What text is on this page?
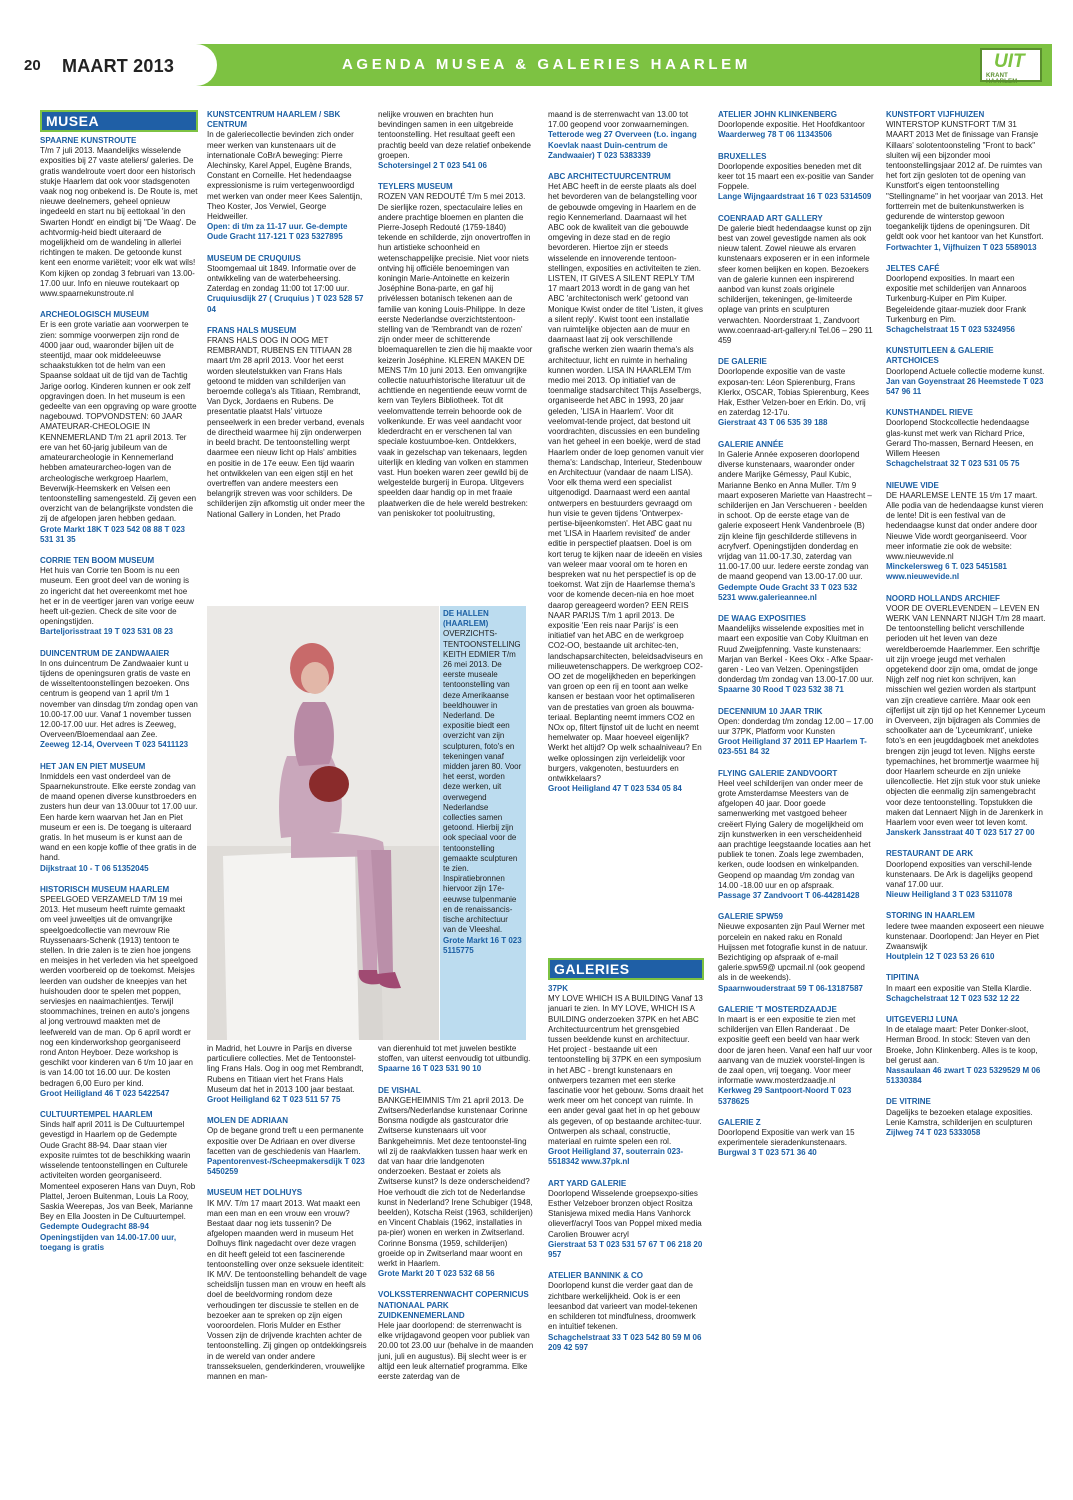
20 MAART 2013	AGENDA MUSEA & GALERIES HAARLEM	UIT
KRANT HAARLEM
MUSEA

SPAARNE KUNSTROUTE

T/m 7 juli 2013. Maandelijks wisselende exposities bij 27 vaste ateliers/ galeries. De gratis wandelroute voert door een historisch stukje Haarlem dat ook voor stadsgenoten vaak nog nog onbekend is. De Route is, met nieuwe deelnemers, geheel opnieuw ingedeeld en start nu bij eettokaal 'in den Swarten Hondt' en eindigt bij ''De Waag'. De achtvormig-heid biedt uiteraard de mogelijkheid om de wandeling in allerlei richtingen te maken. De getoonde kunst kent een enorme variëteit; voor elk wat wils! Kom kijken op zondag 3 februari van 13.00-17.00 uur. Info en nieuwe routekaart op www.spaarnekunstroute.nl

ARCHEOLOGISCH MUSEUM

Er is een grote variatie aan voorwerpen te zien: sommige voorwerpen zijn rond de 4000 jaar oud, waaronder bijlen uit de steentijd, maar ook middeleeuwse schaakstukken tot de helm van een Spaanse soldaat uit de tijd van de Tachtig Jarige oorlog. Kinderen kunnen er ook zelf opgravingen doen. In het museum is een gedeelte van een opgraving op ware grootte nagebouwd. TOPVONDSTEN: 60 JAAR AMATEURAR-CHEOLOGIE IN KENNEMERLAND T/m 21 april 2013. Ter ere van het 60-jarig jubileum van de amateurarcheologie in Kennemerland hebben amateurarcheo-logen van de archeologische werkgroep Haarlem, Beverwijk-Heemskerk en Velsen een tentoonstelling samengesteld. Zij geven een overzicht van de belangrijkste vondsten die zij de afgelopen jaren hebben gedaan.

Grote Markt 18K T 023 542 08 88 T 023 531 31 35

CORRIE TEN BOOM MUSEUM

Het huis van Corrie ten Boom is nu een museum. Een groot deel van de woning is zo ingericht dat het overeenkomt met hoe het er in de veertiger jaren van vorige eeuw heeft uit-gezien. Check de site voor de openingstijden.

Barteljorisstraat 19 T 023 531 08 23

DUINCENTRUM DE ZANDWAAIER

In ons duincentrum De Zandwaaier kunt u tijdens de openingsuren gratis de vaste en de wisseltentoonstellingen bezoeken. Ons centrum is geopend van 1 april t/m 1 november van dinsdag t/m zondag open van 10.00-17.00 uur. Vanaf 1 november tussen 12.00-17.00 uur. Het adres is Zeeweg, Overveen/Bloemendaal aan Zee.

Zeeweg 12-14, Overveen T 023 5411123

HET JAN EN PIET MUSEUM

Inmiddels een vast onderdeel van de Spaarnekunstroute. Elke eerste zondag van de maand openen diverse kunstbroeders en zusters hun deur van 13.00uur tot 17.00 uur. Een harde kern waarvan het Jan en Piet museum er een is. De toegang is uiteraard gratis. In het museum is er kunst aan de wand en een kopje koffie of thee gratis in de hand.

Dijkstraat 10 - T 06 51352045

HISTORISCH MUSEUM HAARLEM

SPEELGOED VERZAMELD T/M 19 mei 2013. Het museum heeft ruimte gemaakt om veel juweeltjes uit de omvangrijke speelgoedcollectie van mevrouw Rie Ruyssenaars-Schenk (1913) tentoon te stellen. In drie zalen is te zien hoe jongens en meisjes in het verleden via het speelgoed werden voorbereid op de toekomst. Meisjes leerden van oudsher de kneepjes van het huishouden door te spelen met poppen, serviesjes en naaimachientjes. Terwijl stoommachines, treinen en auto's jongens al jong vertrouwd maakten met de leefwereld van de man. Op 6 april wordt er nog een kinderworkshop georganiseerd rond Anton Heyboer. Deze workshop is geschikt voor kinderen van 6 t/m 10 jaar en is van 14.00 tot 16.00 uur. De kosten bedragen 6,00 Euro per kind.

Groot Heiligland 46 T 023 5422547

CULTUURTEMPEL HAARLEM

Sinds half april 2011 is De Cultuurtempel gevestigd in Haarlem op de Gedempte Oude Gracht 88-94. Daar staan vier exposite ruimtes tot de beschikking waarin wisselende tentoonstellingen en Culturele activiteiten worden georganiseerd. Momenteel exposeren Hans van Duyn, Rob Plattel, Jeroen Buitenman, Louis La Rooy, Saskia Weerepas, Jos van Beek, Marianne Bey en Ella Joosten in De Cultuurtempel.

Gedempte Oudegracht 88-94 Openingstijden van 14.00-17.00 uur, toegang is gratis

KUNSTCENTRUM HAARLEM / SBK CENTRUM

In de galeriecollectie bevinden zich onder meer werken van kunstenaars uit de internationale CoBrA beweging: Pierre Alechinsky, Karel Appel, Eugène Brands, Constant en Corneille. Het hedendaagse expressionisme is ruim vertegenwoordigd met werken van onder meer Kees Salentijn, Theo Koster, Jos Verwiel, George Heidweiller.

Open: di t/m za 11-17 uur. Ge-dempte Oude Gracht 117-121 T 023 5327895

MUSEUM DE CRUQUIUS

Stoomgemaal uit 1849. Informatie over de ontwikkeling van de waterbeheersing. Zaterdag en zondag 11:00 tot 17:00 uur.

Cruquiusdijk 27 ( Cruquius ) T 023 528 57 04

FRANS HALS MUSEUM

FRANS HALS OOG IN OOG MET REMBRANDT, RUBENS EN TITIAAN 28 maart t/m 28 april 2013. Voor het eerst worden sleutelstukken van Frans Hals getoond te midden van schilderijen van beroemde collega's als Titiaan, Rembrandt, Van Dyck, Jordaens en Rubens. De presentatie plaatst Hals' virtuoze penseelwerk in een breder verband, evenals de directheid waarmee hij zijn onderwerpen in beeld bracht. De tentoonstelling werpt daarmee een nieuw licht op Hals' ambities en positie in de 17e eeuw. Een tijd waarin het ontwikkelen van een eigen stijl en het overtreffen van andere meesters een belangrijk streven was voor schilders. De schilderijen zijn afkomstig uit onder meer the National Gallery in Londen, het Prado

nelijke vrouwen en brachten hun bevindingen samen in een uitgebreide tentoonstelling. Het resultaat geeft een prachtig beeld van deze relatief onbekende groepen.

Schotersingel 2 T 023 541 06

TEYLERS MUSEUM

ROZEN VAN REDOUTÉ T/m 5 mei 2013. De sierlijke rozen, spectaculaire lelies en andere prachtige bloemen en planten die Pierre-Joseph Redouté (1759-1840) tekende en schilderde, zijn onovertroffen in hun artistieke schoonheid en wetenschappelijke precisie. Niet voor niets ontving hij officiële benoemingen van koningin Marie-Antoinette en keizerin Joséphine Bona-parte, en gaf hij privélessen botanisch tekenen aan de familie van koning Louis-Philippe. In deze eerste Nederlandse overzichtstentoon-stelling van de 'Rembrandt van de rozen' zijn onder meer de schitterende bloemaquarellen te zien die hij maakte voor keizerin Joséphine. KLEREN MAKEN DE MENS T/m 10 juni 2013. Een omvangrijke collectie natuurhistorische literatuur uit de achttiende en negentiende eeuw vormt de kern van Teylers Bibliotheek. Tot dit veelomvattende terrein behoorde ook de volkenkunde. Er was veel aandacht voor klederdracht en er verschenen tal van speciale kostuumboe-ken. Ontdekkers, vaak in gezelschap van tekenaars, legden uiterlijk en kleding van volken en stammen vast. Hun boeken waren zeer gewild bij de welgestelde burgerij in Europa. Uitgevers speelden daar handig op in met fraaie plaatwerken die de hele wereld bestreken: van peniskoker tot pooluitrusting,

maand is de sterrenwacht van 13.00 tot 17.00 geopend voor zonwaarnemingen.

Tetterode weg 27 Overveen (t.o. ingang Koevlak naast Duin-centrum de Zandwaaier) T 023 5383339

ABC ARCHITECTUURCENTRUM

Het ABC heeft in de eerste plaats als doel het bevorderen van de belangstelling voor de gebouwde omgeving in Haarlem en de regio Kennemerland. Daarnaast wil het ABC ook de kwaliteit van die gebouwde omgeving in deze stad en de regio bevorderen. Hiertoe zijn er steeds wisselende en innoverende tentoon-stellingen, exposities en activiteiten te zien. LISTEN, IT GIVES A SILENT REPLY T/M 17 maart 2013 wordt in de gang van het ABC 'architectonisch werk' getoond van Monique Kwist onder de titel 'Listen, it gives a silent reply'. Kwist toont een installatie van ruimtelijke objecten aan de muur en daarnaast laat zij ook verschillende grafische werken zien waarin thema's als architectuur, licht en ruimte in herhaling kunnen worden. LISA IN HAARLEM T/m medio mei 2013. Op initiatief van de toenmalige stadsarchitect Thijs Asselbergs, organiseerde het ABC in 1993, 20 jaar geleden, 'LISA in Haarlem'. Voor dit veelomvat-tende project, dat bestond uit voordrachten, discussies en een bundeling van het geheel in een boekje, werd de stad Haarlem onder de loep genomen vanuit vier thema's: Landschap, Interieur, Stedenbouw en Architectuur (vandaar de naam LISA). Voor elk thema werd een specialist uitgenodigd. Daarnaast werd een aantal ontwerpers en bestuurders gevraagd om hun visie te geven tijdens 'Ontwerpex-pertise-bijeenkomsten'. Het ABC gaat nu met 'LISA in Haarlem revisited' de ander editie in perspectief plaatsen. Doel is om kort terug te kijken naar de ideeën en visies van weleer maar vooral om te horen en bespreken wat nu het perspectief is op de toekomst. Wat zijn de Haarlemse thema's voor de komende decen-nia en hoe moet daarop gereageerd worden? EEN REIS NAAR PARIJS T/m 1 april 2013. De expositie 'Een reis naar Parijs' is een initiatief van het ABC en de werkgroep CO2-OO, bestaande uit architec-ten, landschapsarchitecten, beleidsadviseurs en milieuwetenschappers. De werkgroep CO2-OO zet de mogelijkheden en beperkingen van groen op een rij en toont aan welke kansen er bestaan voor het optimaliseren van de prestaties van groen als bouwma-teriaal. Beplanting neemt immers CO2 en NOx op, filtert fijnstof uit de lucht en neemt hemelwater op. Maar hoeveel eigenlijk? Werkt het altijd? Op welk schaalniveau? En welke oplossingen zijn verleidelijk voor burgers, vakgenoten, bestuurders en ontwikkelaars?

Groot Heiligland 47 T 023 534 05 84

GALERIES

37PK

MY LOVE WHICH IS A BUILDING Vanaf 13 januari te zien. In MY LOVE, WHICH IS A BUILDING onderzoeken 37PK en het ABC Architectuurcentrum het grensgebied tussen beeldende kunst en architectuur. Het project - bestaande uit een tentoonstelling bij 37PK en een symposium in het ABC - brengt kunstenaars en ontwerpers tezamen met een sterke fascinatie voor het gebouw. Soms draait het werk meer om het concept van ruimte. In een ander geval gaat het in op het gebouw als gegeven, of op bestaande architec-tuur. Ontwerpen als schaal, constructie, materiaal en ruimte spelen een rol.

Groot Heiligland 37, souterrain 023-5518342 www.37pk.nl

ART YARD GALERIE

Doorlopend Wisselende groepsexpo-sities Esther Velzeboer bronzen object Rositza Stanisjewa mixed media Hans Vanhorck olieverf/acryl Toos van Poppel mixed media Carolien Brouwer acryl

Gierstraat 53 T 023 531 57 67 T 06 218 20 957

ATELIER BANNINK & CO

Doorlopend kunst die verder gaat dan de zichtbare werkelijkheid. Ook is er een leesanbod dat varieert van model-tekenen en schilderen tot mindfulness, droomwerk en intuïtief tekenen.

Schagchelstraat 33 T 023 542 80 59 M 06 209 42 597

ATELIER JOHN KLINKENBERG

Doorlopende expositie. Het Hoofdkantoor

Waarderweg 78 T 06 11343506

BRUXELLES

Doorlopende exposities beneden met dit keer tot 15 maart een ex-positie van Sander Foppele.

Lange Wijngaardstraat 16 T 023 5314509

COENRAAD ART GALLERY

De galerie biedt hedendaagse kunst op zijn best van zowel gevestigde namen als ook nieuw talent. Zowel nieuwe als ervaren kunstenaars exposeren er in een informele sfeer komen belijken en kopen. Bezoekers van de galerie kunnen een inspirerend aanbod van kunst zoals originele schilderijen, tekeningen, ge-limiteerde oplage van prints en sculpturen verwachten. Noorderstraat 1, Zandvoort www.coenraad-art-gallery.nl Tel.06 – 290 11 459

DE GALERIE

Doorlopende expositie van de vaste exposan-ten: Léon Spierenburg, Frans Klerkx, OSCAR, Tobias Spierenburg, Kees Hak, Esther Velzen-boer en Erkin. Do, vrij en zaterdag 12-17u.

Gierstraat 43 T 06 535 39 188

GALERIE ANNÉE

In Galerie Année exposeren doorlopend diverse kunstenaars, waaronder onder andere Marijke Gémessy, Paul Kubic, Marianne Benko en Anna Muller. T/m 9 maart exposeren Mariette van Haastrecht – schilderijen en Jan Verschueren - beelden in schoot. Op de eerste etage van de galerie exposeert Henk Vandenbroele (B) zijn kleine fijn geschilderde stillevens in acryfverf. Openingstijden donderdag en vrijdag van 11.00-17.30, zaterdag van 11.00-17.00 uur. Iedere eerste zondag van de maand geopend van 13.00-17.00 uur.

Gedempte Oude Gracht 33 T 023 532 5231 www.galerieannee.nl

DE WAAG EXPOSITIES

Maandelijks wisselende exposities met in maart een expositie van Coby Kluitman en Ruud Zweijpfenning. Vaste kunstenaars: Marjan van Berkel - Kees Okx - Afke Spaar-garen - Leo van Velzen. Openingstijden donderdag t/m zondag van 13.00-17.00 uur.

Spaarne 30 Rood T 023 532 38 71

DECENNIUM 10 JAAR TRIK

Open: donderdag t/m zondag 12.00 – 17.00 uur 37PK, Platform voor Kunsten

Groot Heiligland 37 2011 EP Haarlem T-023-551 84 32

FLYING GALERIE ZANDVOORT

Heel veel schilderijen van onder meer de grote Amsterdamse Meesters van de afgelopen 40 jaar. Door goede samenwerking met vastgoed beheer creëert Flying Galery de mogelijkheid om zijn kunstwerken in een verscheidenheid aan prachtige leegstaande locaties aan het publiek te tonen. Zoals lege zwembaden, kerken, oude loodsen en winkelpanden. Geopend op maandag t/m zondag van 14.00 -18.00 uur en op afspraak.

Passage 37 Zandvoort T 06-44281428

GALERIE SPW59

Nieuwe exposanten zijn Paul Werner met porcelein en naked raku en Ronald Huijssen met fotografie kunst in de natuur. Bezichtiging op afspraak of e-mail galerie.spw59@ upcmail.nl (ook geopend als in de weekends).

Spaarnwouderstraat 59 T 06-13187587

GALERIE 'T MOSTERDZAADJE

In maart is er een expositie te zien met schilderijen van Ellen Randeraat . De expositie geeft een beeld van haar werk door de jaren heen. Vanaf een half uur voor aanvang van de muziek voorstel-lingen is de zaal open, vrij toegang. Voor meer informatie www.mosterdzaadje.nl

Kerkweg 29 Santpoort-Noord T 023 5378625

GALERIE Z

Doorlopend Expositie van werk van 15 experimentele sieradenkunstenaars.

Burgwal 3 T 023 571 36 40

KUNSTFORT VIJFHUIZEN

WINTERSTOP KUNSTFORT T/M 31 MAART 2013 Met de finissage van Fransje Killaars' solotentoonsteling "Front to back" sluiten wij een bijzonder mooi tentoonstellingsjaar 2012 af. De ruimtes van het fort zijn gesloten tot de opening van Kunstfort's eigen tentoonstelling "Stellingname" in het voorjaar van 2013. Het fortterrein met de buitenkunstwerken is gedurende de winterstop gewoon toegankelijk tijdens de openingsuren. Dit geldt ook voor het kantoor van het Kunstfort.

Fortwachter 1, Vijfhuizen T 023 5589013

JELTES CAFÉ

Doorlopend exposities. In maart een expositie met schilderijen van Annaroos Turkenburg-Kuiper en Pim Kuiper. Begeleidende gitaar-muziek door Frank Turkenburg en Pim.

Schagchelstraat 15 T 023 5324956

KUNSTUITLEEN & GALERIE ARTCHOICES

Doorlopend Actuele collectie moderne kunst.

Jan van Goyenstraat 26 Heemstede T 023 547 96 11

KUNSTHANDEL RIEVE

Doorlopend Stockcollectie hedendaagse glas-kunst met werk van Richard Price, Gerard Tho-massen, Bernard Heesen, en Willem Heesen

Schagchelstraat 32 T 023 531 05 75

NIEUWE VIDE

DE HAARLEMSE LENTE 15 t/m 17 maart. Alle podia van de hedendaagse kunst vieren de lente! Dit is een festival van de hedendaagse kunst dat onder andere door Nieuwe Vide wordt georganiseerd. Voor meer informatie zie ook de website: www.nieuwevide.nl

Minckelersweg 6 T. 023 5451581 www.nieuwevide.nl

NOORD HOLLANDS ARCHIEF

VOOR DE OVERLEVENDEN – LEVEN EN WERK VAN LENNART NIJGH T/m 28 maart. De tentoonstelling belicht verschillende perioden uit het leven van deze wereldberoemde Haarlemmer. Een schriftje uit zijn vroege jeugd met verhalen opgetekend door zijn oma, omdat de jonge Nijgh zelf nog niet kon schrijven, kan misschien wel gezien worden als startpunt van zijn creatieve carrière. Maar ook een cijferlijst uit zijn tijd op het Kennemer Lyceum in Overveen, zijn bijdragen als Commies de schoolkater aan de 'Lyceumkrant', unieke foto's en een jeugddagboek met anekdotes brengen zijn jeugd tot leven. Nijghs eerste typemachines, het brommertje waarmee hij door Haarlem scheurde en zijn unieke uilencollectie. Het zijn stuk voor stuk unieke objecten die eenmalig zijn samengebracht voor deze tentoonstelling. Topstukken die maken dat Lennaert Nijgh in de Jarenkerk in Haarlem voor even weer tot leven komt.

Janskerk Jansstraat 40 T 023 517 27 00

RESTAURANT DE ARK

Doorlopend exposities van verschil-lende kunstenaars. De Ark is dagelijks geopend vanaf 17.00 uur.

Nieuw Heiligland 3 T 023 5311078

STORING IN HAARLEM

Iedere twee maanden exposeert een nieuwe kunstenaar. Doorlopend: Jan Heyer en Piet Zwaanswijk

Houtplein 12 T 023 53 26 610

TIPITINA

In maart een expositie van Stella Klardie.

Schagchelstraat 12 T 023 532 12 22

UITGEVERIJ LUNA

In de etalage maart: Peter Donker-sloot, Herman Brood. In stock: Steven van den Broeke, John Klinkenberg. Alles is te koop, bel gerust aan.

Nassaulaan 46 zwart T 023 5329529 M 06 51330384

DE VITRINE

Dagelijks te bezoeken etalage exposities. Lenie Kamstra, schilderijen en sculpturen

Zijlweg 74 T 023 5333058

DE HALLEN (HAARLEM)

OVERZICHTS-TENTOONSTELLING KEITH EDMIER T/m 26 mei 2013. De eerste museale tentoonstelling van deze Amerikaanse beeldhouwer in Nederland. De expositie biedt een overzicht van zijn sculpturen, foto's en tekeningen vanaf midden jaren 80. Voor het eerst, worden deze werken, uit overwegend Nederlandse collecties samen getoond. Hierbij zijn ook speciaal voor de tentoonstelling gemaakte sculpturen te zien. Inspiratiebronnen hiervoor zijn 17e-eeuwse tulpenmanie en de renaissancis-tische architectuur van de Vleeshal.

Grote Markt 16 T 023 5115775

in Madrid, het Louvre in Parijs en diverse particuliere collecties. Met de Tentoonstel-ling Frans Hals. Oog in oog met Rembrandt, Rubens en Titiaan viert het Frans Hals Museum dat het in 2013 100 jaar bestaat.

Groot Heiligland 62 T 023 511 57 75

MOLEN DE ADRIAAN

Op de begane grond treft u een permanente expositie over De Adriaan en over diverse facetten van de geschiedenis van Haarlem.

Papentorenvest-/Scheepmakersdijk T 023 5450259

MUSEUM HET DOLHUYS

IK M/V. T/m 17 maart 2013. Wat maakt een man een man en een vrouw een vrouw? Bestaat daar nog iets tussenin? De afgelopen maanden werd in museum Het Dolhuys flink nagedacht over deze vragen en dit heeft geleid tot een fascinerende tentoonstelling over onze seksuele identiteit: IK M/V. De tentoonstelling behandelt de vage scheidslijn tussen man en vrouw en heeft als doel de beeldvorming rondom deze verhoudingen ter discussie te stellen en de bezoeker aan te spreken op zijn eigen vooroordelen. Floris Mulder en Esther Vossen zijn de drijvende krachten achter de tentoonstelling. Zij gingen op ontdekkingsreis in de wereld van onder andere transseksuelen, genderkinderen, vrouwelijke mannen en man-

van dierenhuid tot met juwelen bestikte stoffen, van uiterst eenvoudig tot uitbundig.

Spaarne 16 T 023 531 90 10

DE VISHAL

BANKGEHEIMNIS T/m 21 april 2013. De Zwitsers/Nederlandse kunstenaar Corinne Bonsma nodigde als gastcurator drie Zwitserse kunstenaars uit voor Bankgeheimnis. Met deze tentoonstel-ling wil zij de raakvlakken tussen haar werk en dat van haar drie landgenoten onderzoeken. Bestaat er zoiets als Zwitserse kunst? Is deze onderscheidend? Hoe verhoudt die zich tot de Nederlandse kunst in Nederland? Irene Schubiger (1948, beelden), Kotscha Reist (1963, schilderijen) en Vincent Chablais (1962, installaties in pa-pier) wonen en werken in Zwitserland. Corinne Bonsma (1959, schilderijen) groeide op in Zwitserland maar woont en werkt in Haarlem.

Grote Markt 20 T 023 532 68 56

VOLKSSTERRENWACHT COPERNICUS NATIONAAL PARK ZUIDKENNEMERLAND

Hele jaar doorlopend: de sterrenwacht is elke vrijdagavond geopen voor publiek van 20.00 tot 23.00 uur (behalve in de maanden juni, juli en augustus). Bij slecht weer is er altijd een leuk alternatief programma. Elke eerste zaterdag van de
